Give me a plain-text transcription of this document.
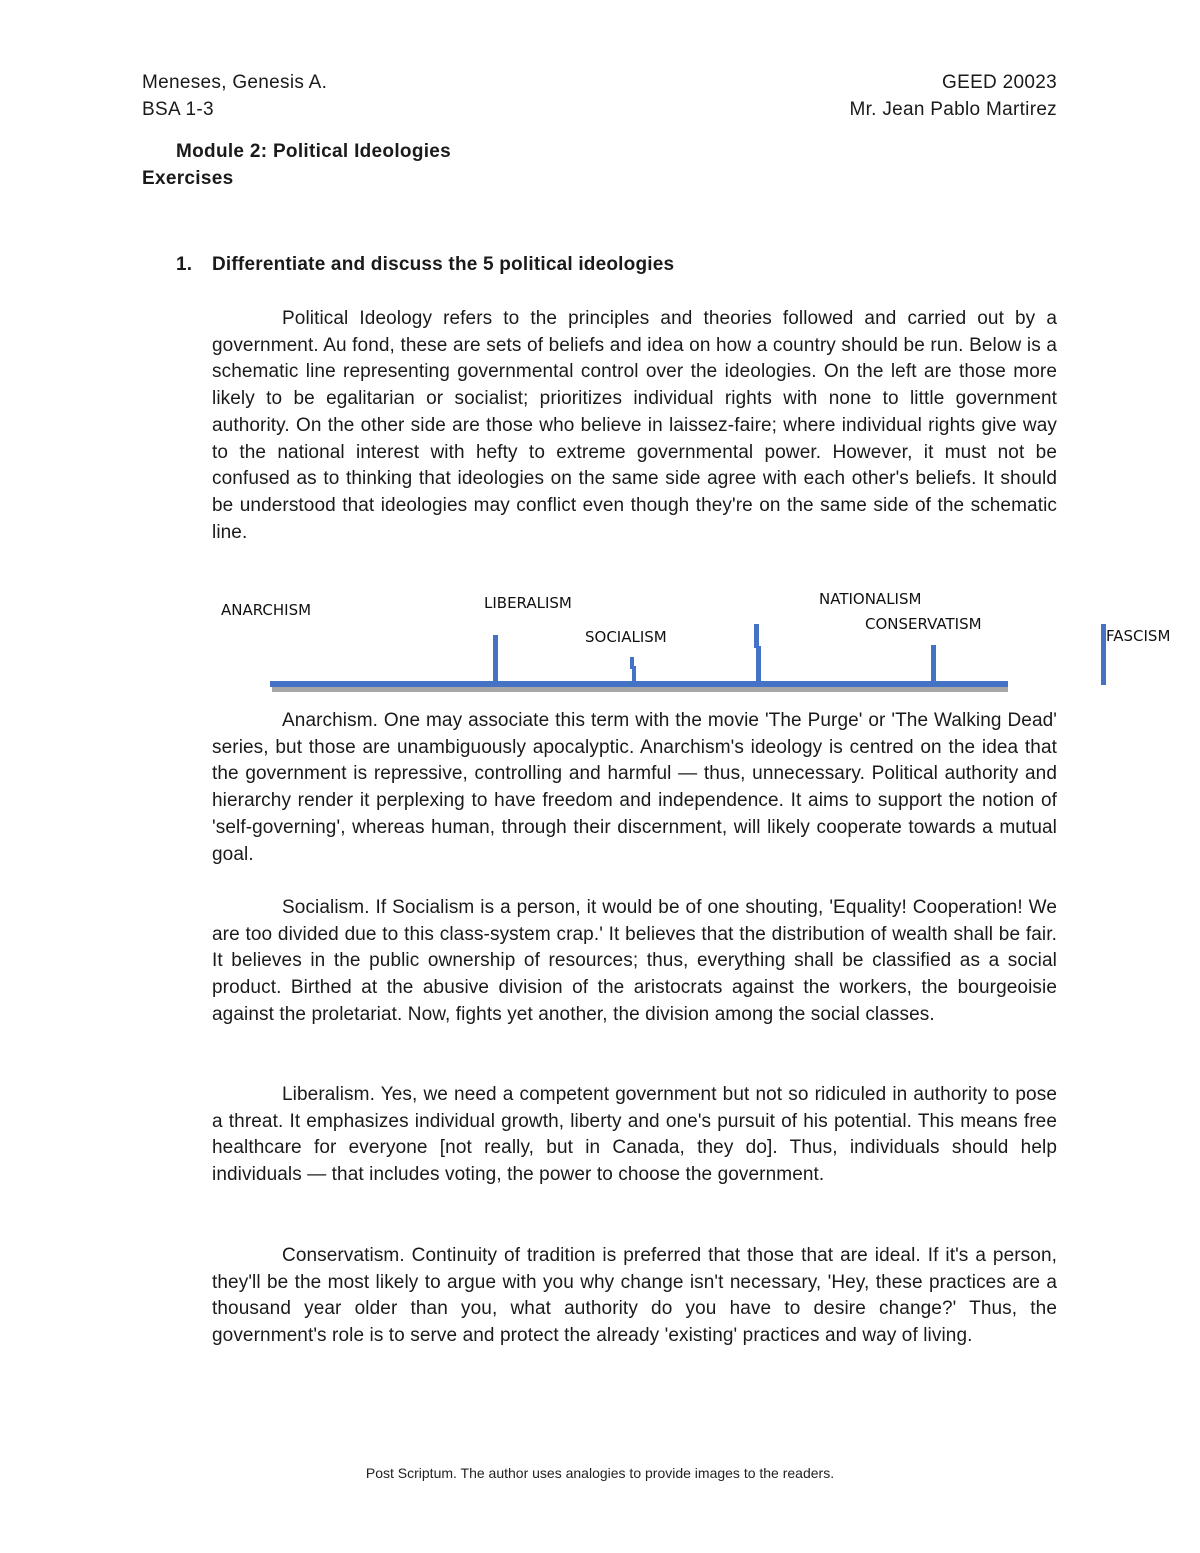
Meneses, Genesis A.
BSA 1-3
GEED 20023
Mr. Jean Pablo Martirez
Module 2: Political Ideologies
Exercises
1. Differentiate and discuss the 5 political ideologies

Political Ideology refers to the principles and theories followed and carried out by a government. Au fond, these are sets of beliefs and idea on how a country should be run. Below is a schematic line representing governmental control over the ideologies. On the left are those more likely to be egalitarian or socialist; prioritizes individual rights with none to little government authority. On the other side are those who believe in laissez-faire; where individual rights give way to the national interest with hefty to extreme governmental power. However, it must not be confused as to thinking that ideologies on the same side agree with each other's beliefs. It should be understood that ideologies may conflict even though they're on the same side of the schematic line.

ANARCHISM	LIBERALISM
SOCIALISM
NATIONALISM
CONSERVATISM
FASCISM

Anarchism. One may associate this term with the movie 'The Purge' or 'The Walking Dead' series, but those are unambiguously apocalyptic. Anarchism's ideology is centred on the idea that the government is repressive, controlling and harmful — thus, unnecessary. Political authority and hierarchy render it perplexing to have freedom and independence. It aims to support the notion of 'self-governing', whereas human, through their discernment, will likely cooperate towards a mutual goal.

Socialism. If Socialism is a person, it would be of one shouting, 'Equality! Cooperation! We are too divided due to this class-system crap.' It believes that the distribution of wealth shall be fair. It believes in the public ownership of resources; thus, everything shall be classified as a social product. Birthed at the abusive division of the aristocrats against the workers, the bourgeoisie against the proletariat. Now, fights yet another, the division among the social classes.

Liberalism. Yes, we need a competent government but not so ridiculed in authority to pose a threat. It emphasizes individual growth, liberty and one's pursuit of his potential. This means free healthcare for everyone [not really, but in Canada, they do]. Thus, individuals should help individuals — that includes voting, the power to choose the government.

Conservatism. Continuity of tradition is preferred that those that are ideal. If it's a person, they'll be the most likely to argue with you why change isn't necessary, 'Hey, these practices are a thousand year older than you, what authority do you have to desire change?' Thus, the government's role is to serve and protect the already 'existing' practices and way of living.

Post Scriptum. The author uses analogies to provide images to the readers.
